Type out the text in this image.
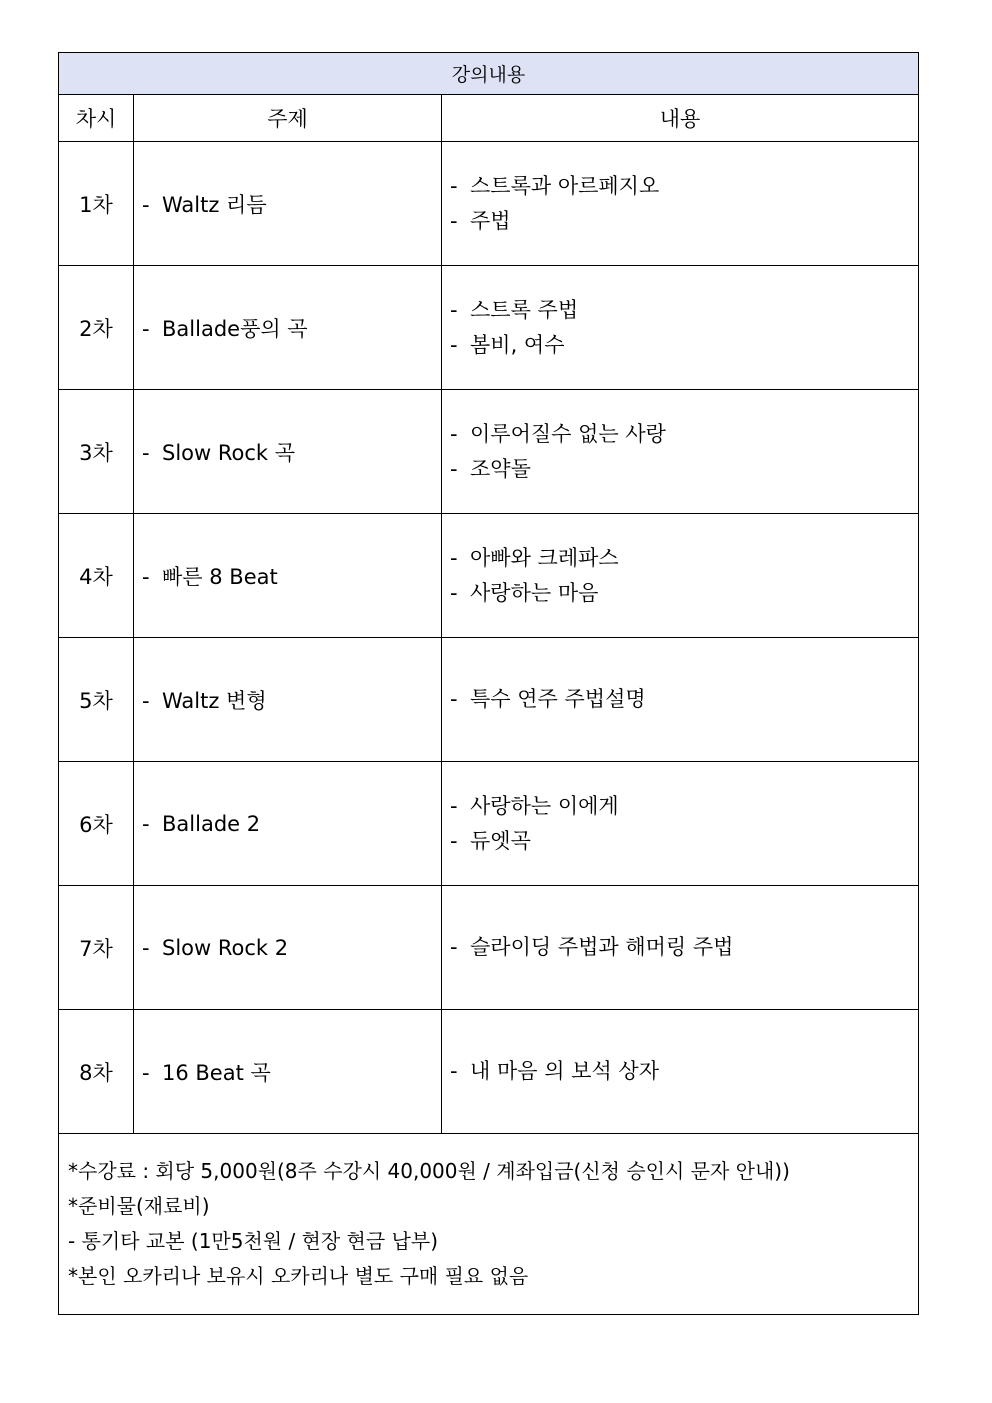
강의내용		
차시	주제	내용
1차	- Waltz 리듬	- 스트록과 아르페지오
- 주법

2차	- Ballade풍의 곡	- 스트록 주법
- 봄비, 여수

3차	- Slow Rock 곡	- 이루어질수 없는 사랑
- 조약돌

4차	- 빠른 8 Beat	- 아빠와 크레파스
- 사랑하는 마음

5차	- Waltz 변형	- 특수 연주 주법설명

6차	- Ballade 2	- 사랑하는 이에게
- 듀엣곡

7차	- Slow Rock 2	- 슬라이딩 주법과 해머링 주법

8차	- 16 Beat 곡	- 내 마음 의 보석 상자

*수강료 : 회당 5,000원(8주 수강시 40,000원 / 계좌입금(신청 승인시 문자 안내))
*준비물(재료비)
- 통기타 교본 (1만5천원 / 현장 현금 납부)
*본인 오카리나 보유시 오카리나 별도 구매 필요 없음		
